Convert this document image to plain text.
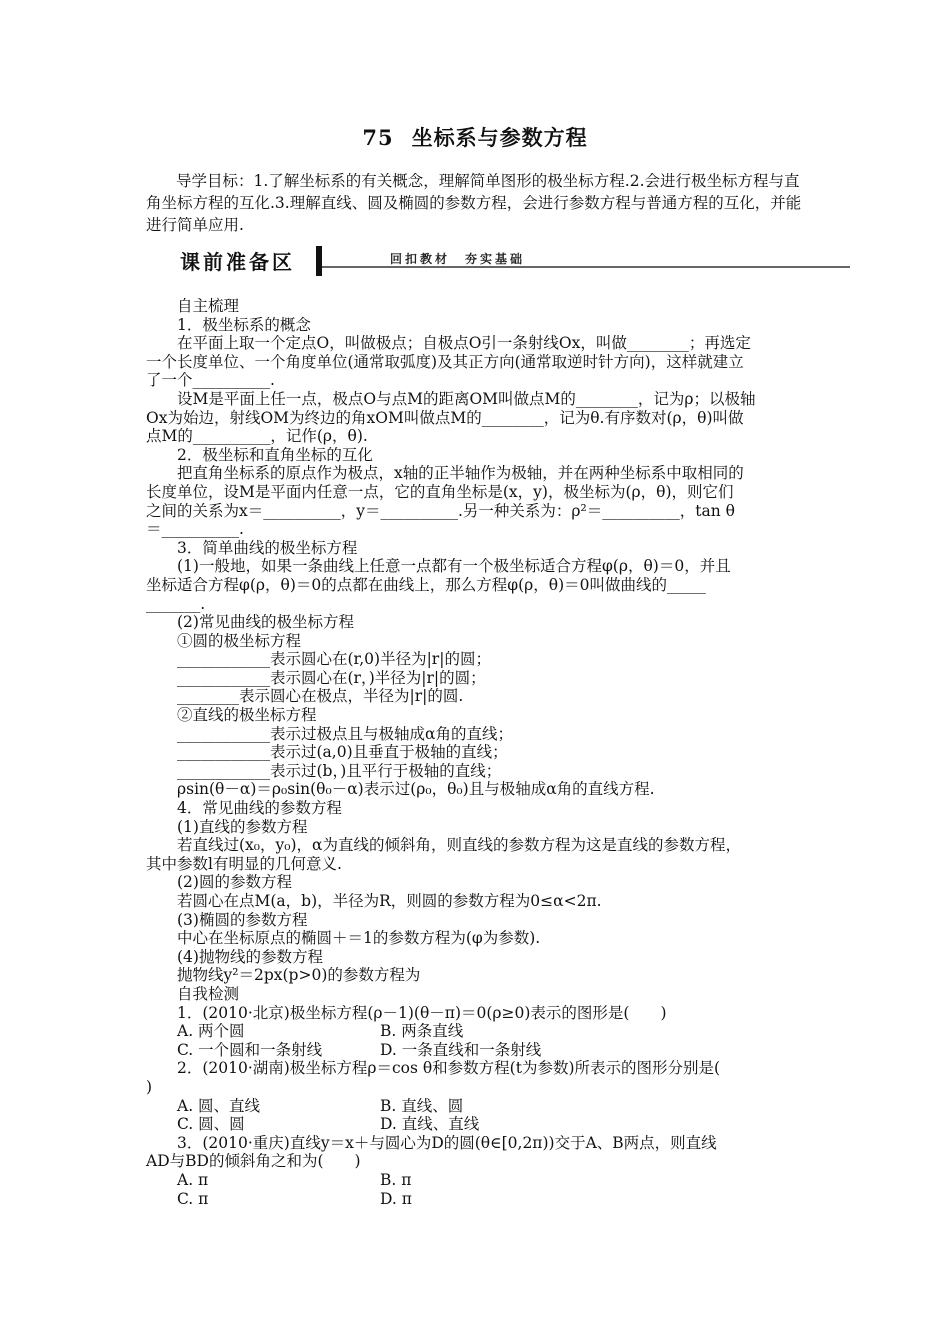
75 坐标系与参数方程
导学目标：1.了解坐标系的有关概念，理解简单图形的极坐标方程.2.会进行极坐标方程与直角坐标方程的互化.3.理解直线、圆及椭圆的参数方程，会进行参数方程与普通方程的互化，并能进行简单应用.
课前准备区	回扣教材　夯实基础
自主梳理
1．极坐标系的概念
在平面上取一个定点O，叫做极点；自极点O引一条射线Ox，叫做________；再选定
一个长度单位、一个角度单位(通常取弧度)及其正方向(通常取逆时针方向)，这样就建立
了一个__________.
设M是平面上任一点，极点O与点M的距离OM叫做点M的________，记为ρ；以极轴
Ox为始边，射线OM为终边的角xOM叫做点M的________，记为θ.有序数对(ρ，θ)叫做
点M的__________，记作(ρ，θ).
2．极坐标和直角坐标的互化
把直角坐标系的原点作为极点，x轴的正半轴作为极轴，并在两种坐标系中取相同的
长度单位，设M是平面内任意一点，它的直角坐标是(x，y)，极坐标为(ρ，θ)，则它们
之间的关系为x＝__________，y＝__________.另一种关系为：ρ²＝__________，tan θ
＝__________.
3．简单曲线的极坐标方程
(1)一般地，如果一条曲线上任意一点都有一个极坐标适合方程φ(ρ，θ)＝0，并且
坐标适合方程φ(ρ，θ)＝0的点都在曲线上，那么方程φ(ρ，θ)＝0叫做曲线的_____
_______.
(2)常见曲线的极坐标方程
①圆的极坐标方程
____________表示圆心在(r,0)半径为|r|的圆；
____________表示圆心在(r，)半径为|r|的圆；
________表示圆心在极点，半径为|r|的圆.
②直线的极坐标方程
____________表示过极点且与极轴成α角的直线；
____________表示过(a,0)且垂直于极轴的直线；
____________表示过(b，)且平行于极轴的直线；
ρsin(θ－α)＝ρ₀sin(θ₀－α)表示过(ρ₀，θ₀)且与极轴成α角的直线方程.
4．常见曲线的参数方程
(1)直线的参数方程
若直线过(x₀，y₀)，α为直线的倾斜角，则直线的参数方程为这是直线的参数方程，
其中参数l有明显的几何意义.
(2)圆的参数方程
若圆心在点M(a，b)，半径为R，则圆的参数方程为0≤α<2π.
(3)椭圆的参数方程
中心在坐标原点的椭圆＋＝1的参数方程为(φ为参数).
(4)抛物线的参数方程
抛物线y²＝2px(p>0)的参数方程为
自我检测
1．(2010·北京)极坐标方程(ρ－1)(θ－π)＝0(ρ≥0)表示的图形是(　　)
A. 两个圆	B. 两条直线
C. 一个圆和一条射线	D. 一条直线和一条射线
2．(2010·湖南)极坐标方程ρ＝cos θ和参数方程(t为参数)所表示的图形分别是(
)
A. 圆、直线	B. 直线、圆
C. 圆、圆	D. 直线、直线
3．(2010·重庆)直线y＝x＋与圆心为D的圆(θ∈[0,2π))交于A、B两点，则直线
AD与BD的倾斜角之和为(　　)
A. π	B. π
C. π	D. π
